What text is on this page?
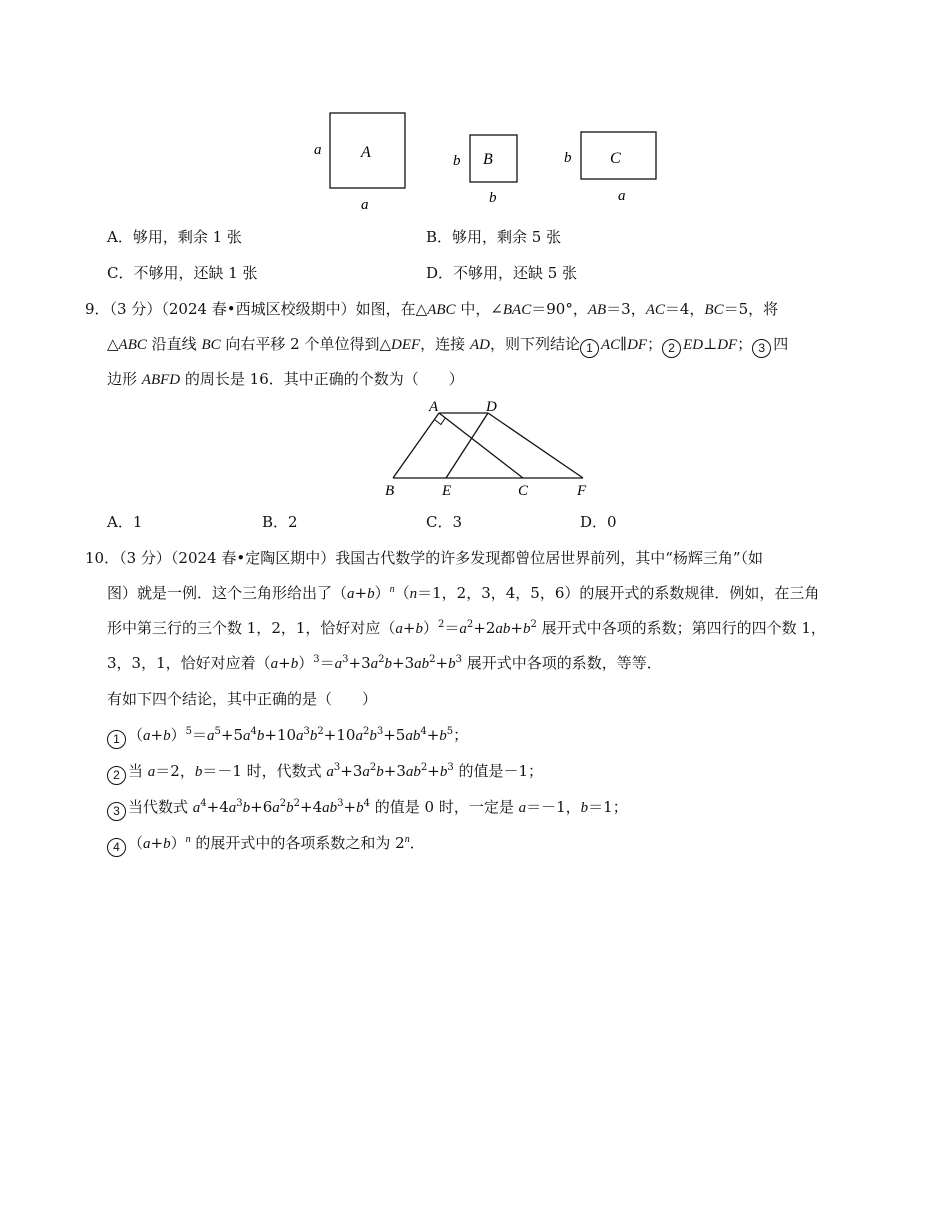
A
a
a
B
b
b
C
b
a
A．够用，剩余 1 张	B．够用，剩余 5 张
C．不够用，还缺 1 张	D．不够用，还缺 5 张
9．（3 分）（2024 春•西城区校级期中）如图，在△ABC 中，∠BAC＝90°，AB＝3，AC＝4，BC＝5，将
△ABC 沿直线 BC 向右平移 2 个单位得到△DEF，连接 AD，则下列结论 1 AC∥DF； 2 ED⊥DF； 3 四
边形 ABFD 的周长是 16．其中正确的个数为（　　）
A	D
B	E	C	F
A．1	B．2	C．3	D．0
10．（3 分）（2024 春•定陶区期中）我国古代数学的许多发现都曾位居世界前列，其中“杨辉三角”（如
图）就是一例．这个三角形给出了$(a+b)^n(n=1$，2，3，4，5，6）的展开式的系数规律．例如，在三角
形中第三行的三个数 1，2，1，恰好对应$(a+b)^2=a^2+2ab+b^2$ 展开式中各项的系数；第四行的四个数 1，
3，3，1，恰好对应着$(a+b)^3=a^3+3a^2b+3ab^2+b^3$ 展开式中各项的系数，等等．
有如下四个结论，其中正确的是（　　）
1 $(a+b)^5=a^5+5a^4b+10a^3b^2+10a^2b^3+5ab^4+b^5$；
2 当 a＝2，b＝－1 时，代数式 $a^3+3a^2b+3ab^2+b^3$ 的值是－1；
3 当代数式 $a^4+4a^3b+6a^2b^2+4ab^3+b^4$ 的值是 0 时，一定是 a＝－1，b＝1；
4 $(a+b)^n$ 的展开式中的各项系数之和为 2$^n$．
